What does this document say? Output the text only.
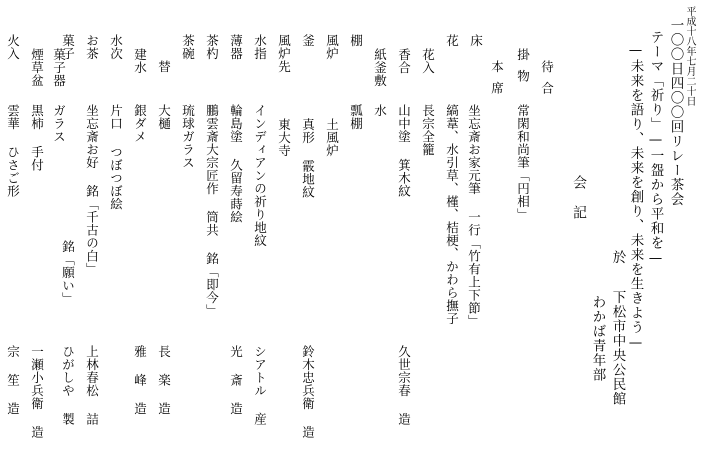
平成十八年七月二十日
一〇〇日四〇〇回リレー茶会
テーマ「祈り」—一盌から平和を—
—未来を語り、未来を創り、未来を生きよう—
於
下松市中央公民館
わかば青年部
会　記
待合
掛物
常閑和尚筆「円相」
本席
床
坐忘斎お家元筆 一行「竹有上下節」
花
縞葦、水引草、槿、桔梗、かわら撫子
花入
長宗全籠
香合
山中塗 箕木紋
久世宗春 造
紙釜敷
水
棚
瓢棚
風炉
土風炉
釜
真形 霰地紋
鈴木忠兵衛 造
風炉先
東大寺
水指
インディアンの祈り地紋
シアトル 産
薄器
輪島塗 久留寿蒔絵
光 斎 造
茶杓
鵬雲斎大宗匠作 筒共 銘「即今」
茶碗
琉球ガラス
替
大樋
長 楽 造
建水
銀ダメ
雅 峰 造
水次
片口 つぼつぼ絵
お茶
坐忘斎お好 銘「千古の白」
上林春松 詰
菓子
銘「願い」
ひがしや 製
菓子器
ガラス
煙草盆
黒柿 手付
一瀬小兵衛 造
火入
雲華 ひさご形
宗 笙 造
